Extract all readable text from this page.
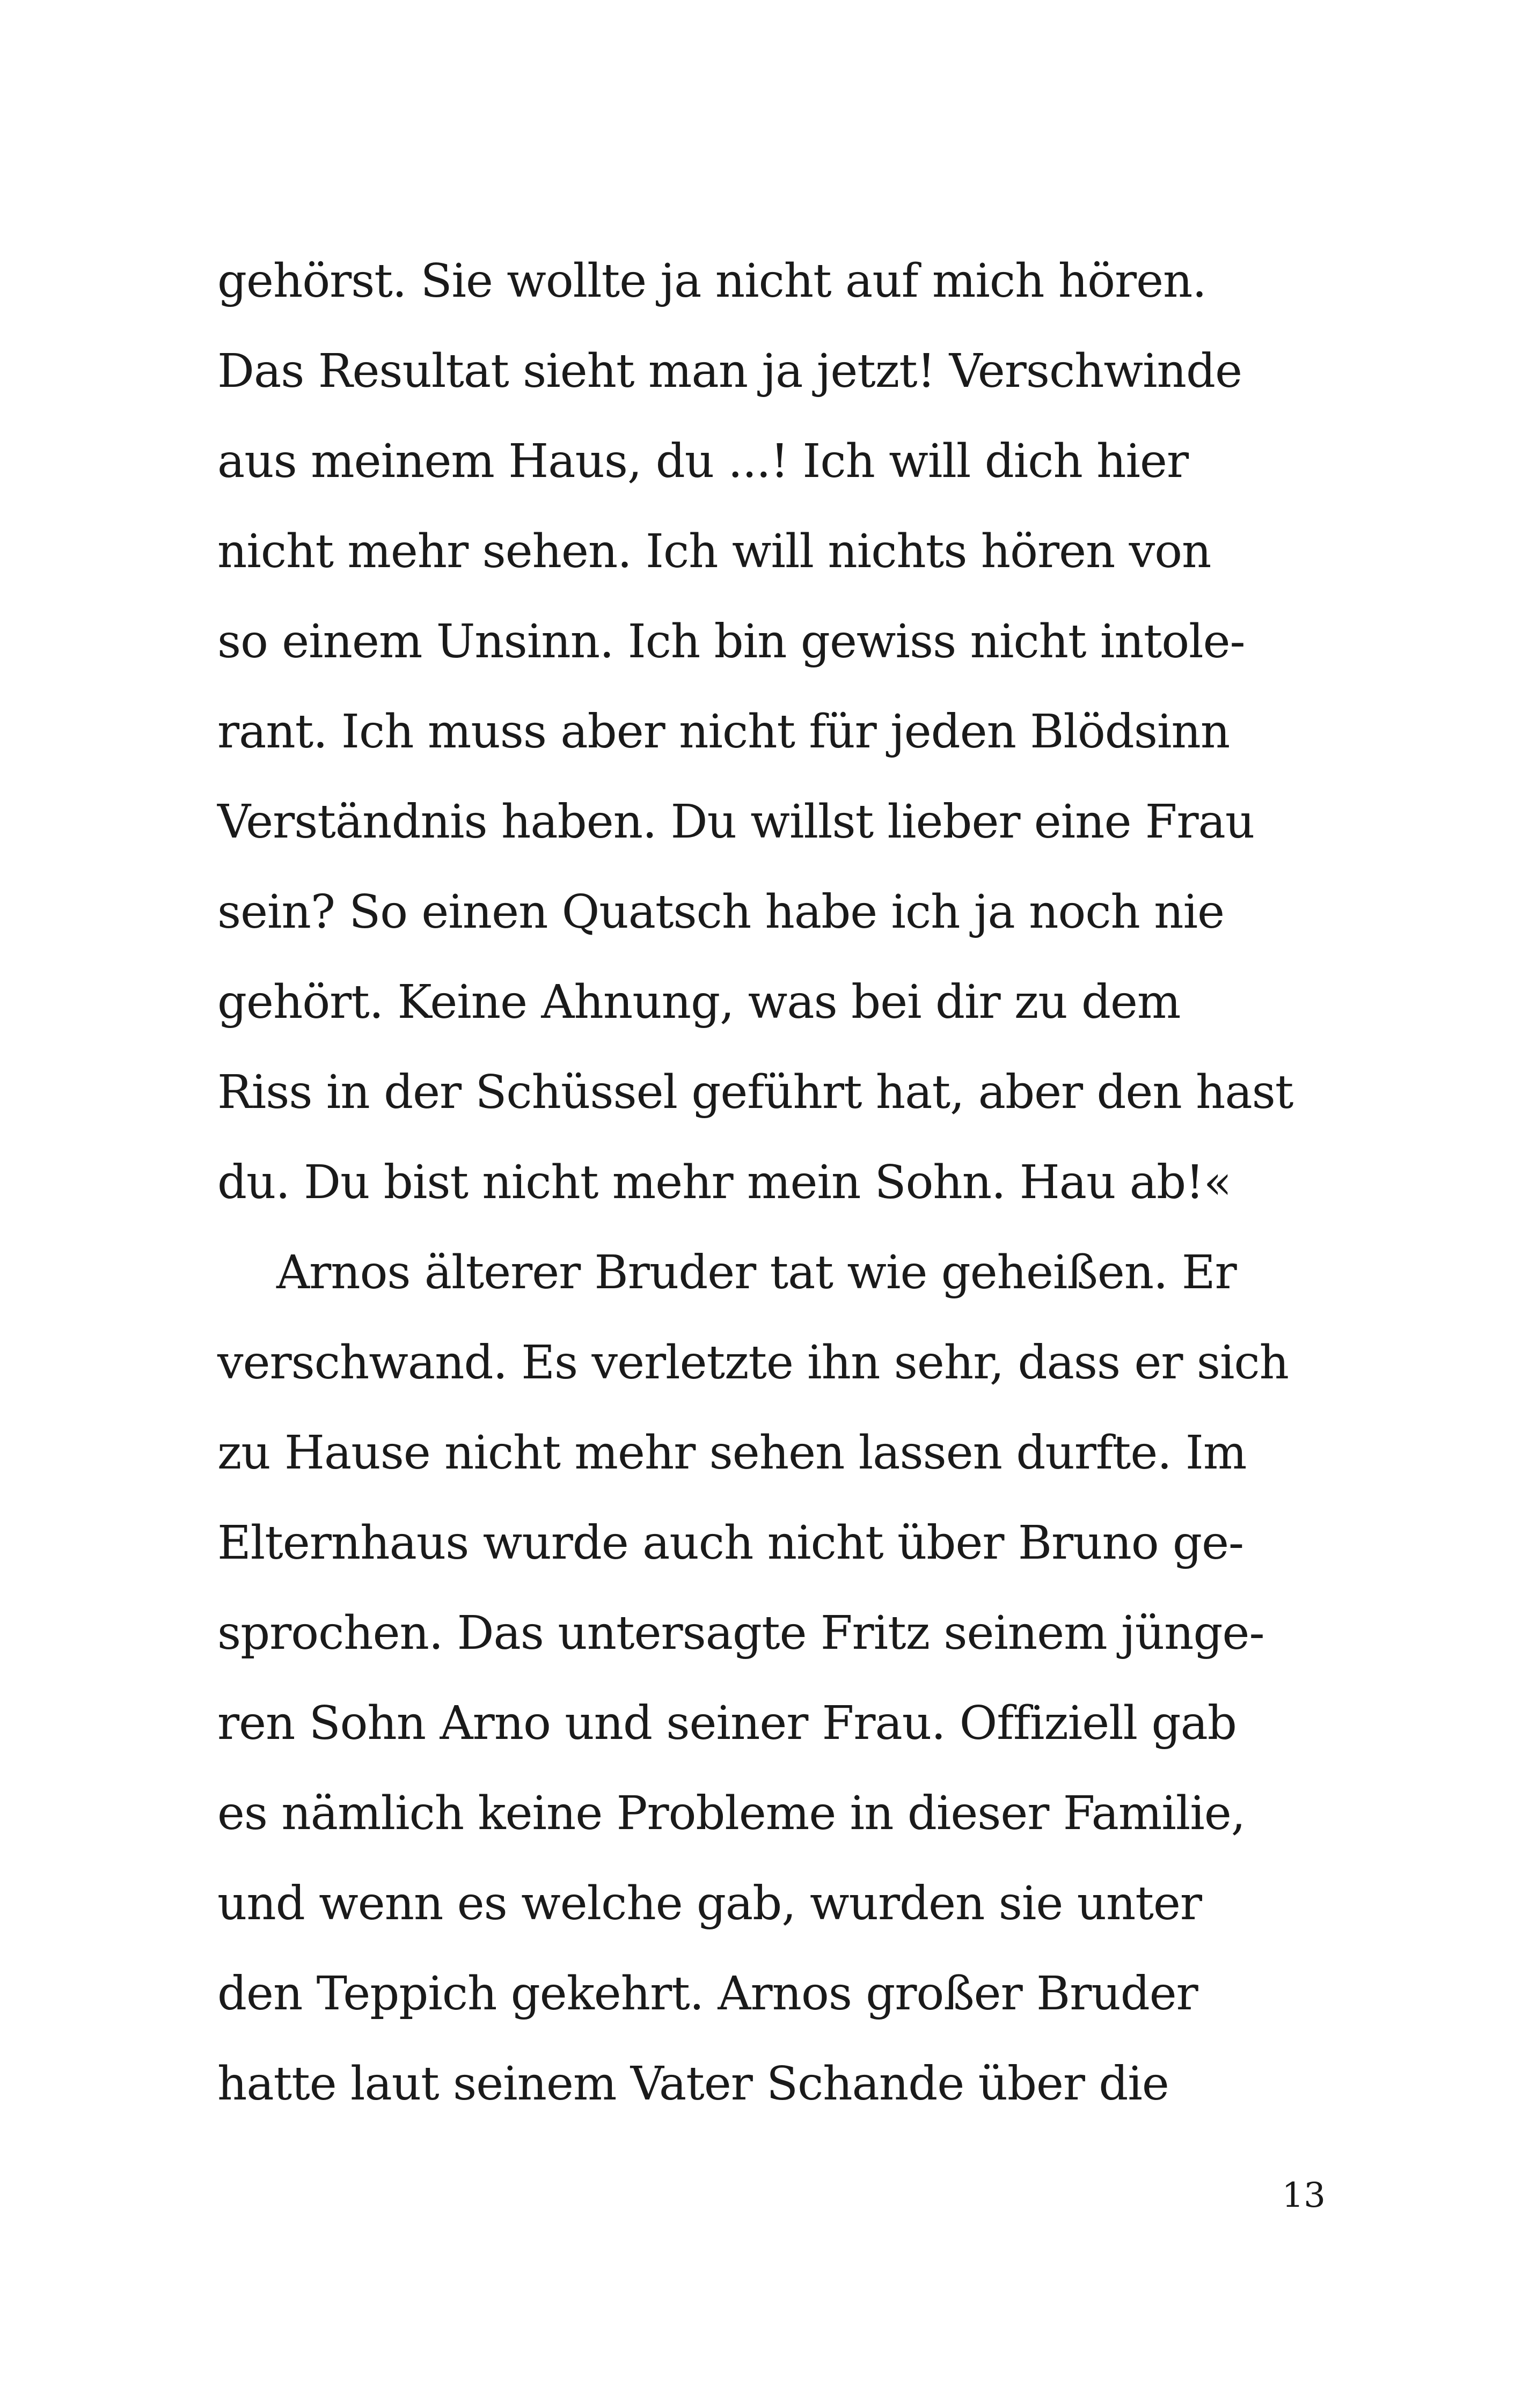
gehörst. Sie wollte ja nicht auf mich hören.
Das Resultat sieht man ja jetzt! Verschwinde
aus meinem Haus, du ...! Ich will dich hier
nicht mehr sehen. Ich will nichts hören von
so einem Unsinn. Ich bin gewiss nicht intole-
rant. Ich muss aber nicht für jeden Blödsinn
Verständnis haben. Du willst lieber eine Frau
sein? So einen Quatsch habe ich ja noch nie
gehört. Keine Ahnung, was bei dir zu dem
Riss in der Schüssel geführt hat, aber den hast
du. Du bist nicht mehr mein Sohn. Hau ab!«
Arnos älterer Bruder tat wie geheißen. Er
verschwand. Es verletzte ihn sehr, dass er sich
zu Hause nicht mehr sehen lassen durfte. Im
Elternhaus wurde auch nicht über Bruno ge-
sprochen. Das untersagte Fritz seinem jünge-
ren Sohn Arno und seiner Frau. Offiziell gab
es nämlich keine Probleme in dieser Familie,
und wenn es welche gab, wurden sie unter
den Teppich gekehrt. Arnos großer Bruder
hatte laut seinem Vater Schande über die
13
